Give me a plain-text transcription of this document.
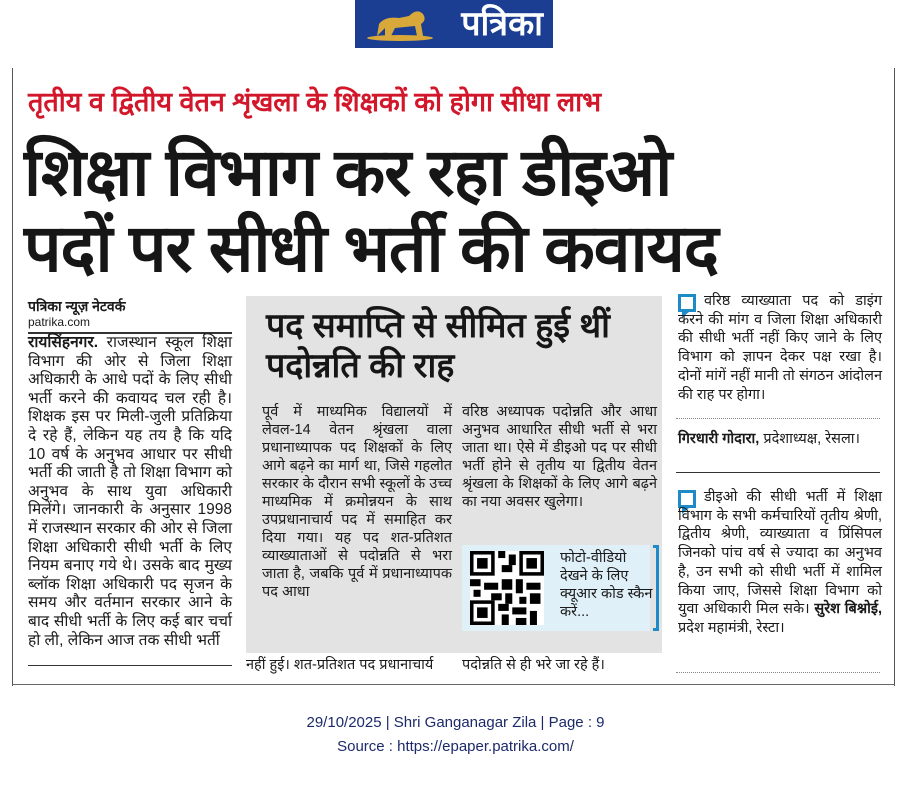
पत्रिका
तृतीय व द्वितीय वेतन शृंखला के शिक्षकों को होगा सीधा लाभ
शिक्षा विभाग कर रहा डीइओ
पदों पर सीधी भर्ती की कवायद
पत्रिका न्यूज़ नेटवर्क
patrika.com
रायसिंहनगर. राजस्थान स्कूल शिक्षा विभाग की ओर से जिला शिक्षा अधिकारी के आधे पदों के लिए सीधी भर्ती करने की कवायद चल रही है। शिक्षक इस पर मिली-जुली प्रतिक्रिया दे रहे हैं, लेकिन यह तय है कि यदि 10 वर्ष के अनुभव आधार पर सीधी भर्ती की जाती है तो शिक्षा विभाग को अनुभव के साथ युवा अधिकारी मिलेंगे। जानकारी के अनुसार 1998 में राजस्थान सरकार की ओर से जिला शिक्षा अधिकारी सीधी भर्ती के लिए नियम बनाए गये थे। उसके बाद मुख्य ब्लॉक शिक्षा अधिकारी पद सृजन के समय और वर्तमान सरकार आने के बाद सीधी भर्ती के लिए कई बार चर्चा हो ली, लेकिन आज तक सीधी भर्ती
पद समाप्ति से सीमित हुई थीं पदोन्नति की राह
पूर्व में माध्यमिक विद्यालयों में लेवल-14 वेतन श्रृंखला वाला प्रधानाध्यापक पद शिक्षकों के लिए आगे बढ़ने का मार्ग था, जिसे गहलोत सरकार के दौरान सभी स्कूलों के उच्च माध्यमिक में क्रमोन्नयन के साथ उपप्रधानाचार्य पद में समाहित कर दिया गया। यह पद शत-प्रतिशत व्याख्याताओं से पदोन्नति से भरा जाता है, जबकि पूर्व में प्रधानाध्यापक पद आधा
वरिष्ठ अध्यापक पदोन्नति और आधा अनुभव आधारित सीधी भर्ती से भरा जाता था। ऐसे में डीइओ पद पर सीधी भर्ती होने से तृतीय या द्वितीय वेतन श्रृंखला के शिक्षकों के लिए आगे बढ़ने का नया अवसर खुलेगा।
फोटो-वीडियो देखने के लिए क्यूआर कोड स्कैन करें...
नहीं हुई। शत-प्रतिशत पद प्रधानाचार्य पदोन्नति से ही भरे जा रहे हैं।
वरिष्ठ व्याख्याता पद को डाइंग करने की मांग व जिला शिक्षा अधिकारी की सीधी भर्ती नहीं किए जाने के लिए विभाग को ज्ञापन देकर पक्ष रखा है। दोनों मांगें नहीं मानी तो संगठन आंदोलन की राह पर होगा।
गिरधारी गोदारा, प्रदेशाध्यक्ष, रेसला।
डीइओ की सीधी भर्ती में शिक्षा विभाग के सभी कर्मचारियों तृतीय श्रेणी, द्वितीय श्रेणी, व्याख्याता व प्रिंसिपल जिनको पांच वर्ष से ज्यादा का अनुभव है, उन सभी को सीधी भर्ती में शामिल किया जाए, जिससे शिक्षा विभाग को युवा अधिकारी मिल सके। सुरेश बिश्नोई, प्रदेश महामंत्री, रेस्टा।
29/10/2025 | Shri Ganganagar Zila | Page : 9
Source : https://epaper.patrika.com/
